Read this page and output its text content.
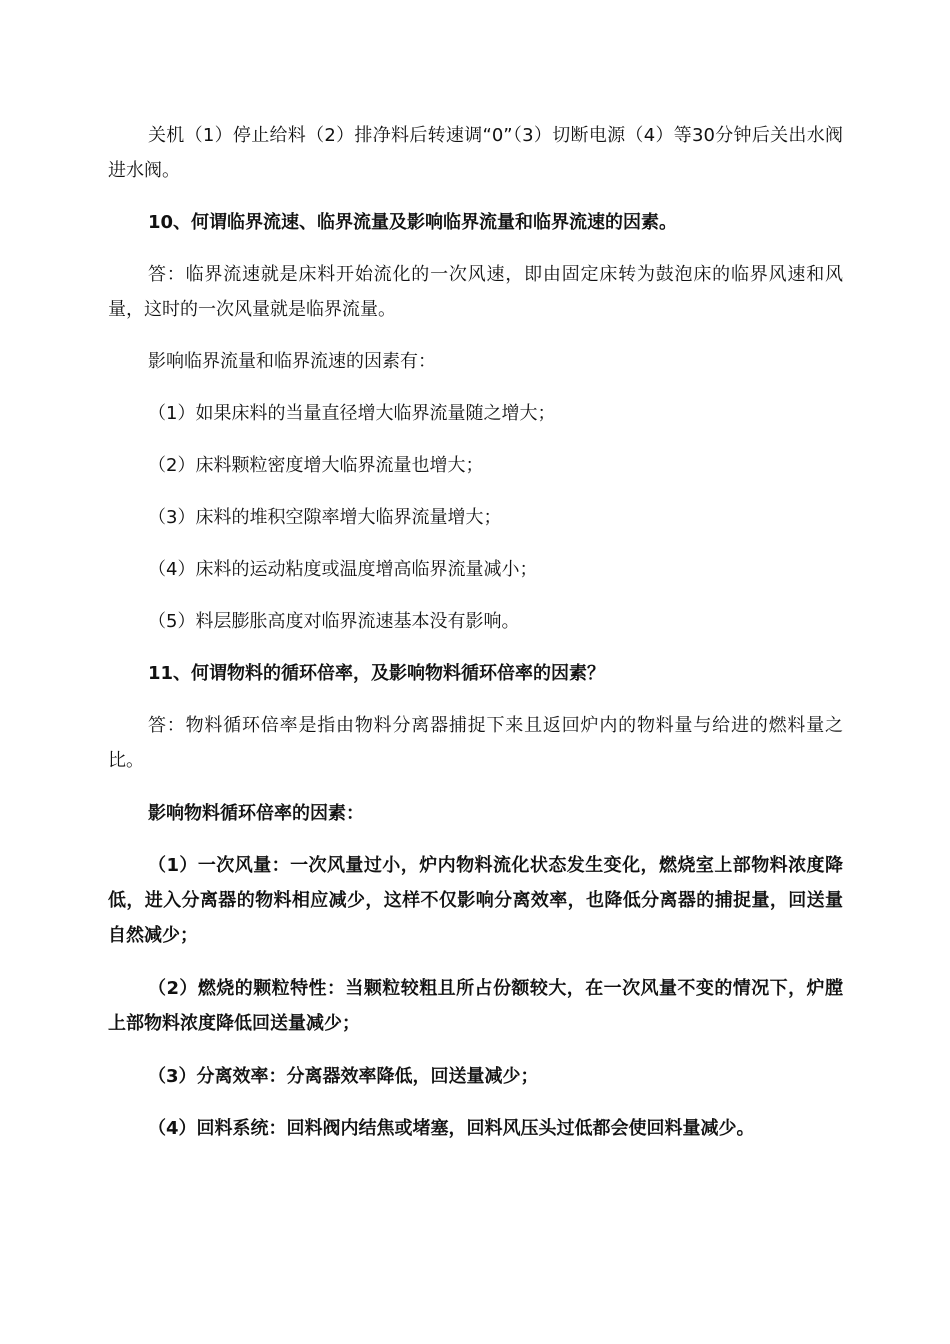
关机（1）停止给料（2）排净料后转速调“0”（3）切断电源（4）等30分钟后关出水阀进水阀。

10、何谓临界流速、临界流量及影响临界流量和临界流速的因素。

答：临界流速就是床料开始流化的一次风速，即由固定床转为鼓泡床的临界风速和风量，这时的一次风量就是临界流量。

影响临界流量和临界流速的因素有：

（1）如果床料的当量直径增大临界流量随之增大；

（2）床料颗粒密度增大临界流量也增大；

（3）床料的堆积空隙率增大临界流量增大；

（4）床料的运动粘度或温度增高临界流量减小；

（5）料层膨胀高度对临界流速基本没有影响。

11、何谓物料的循环倍率，及影响物料循环倍率的因素？

答：物料循环倍率是指由物料分离器捕捉下来且返回炉内的物料量与给进的燃料量之比。

影响物料循环倍率的因素：

（1）一次风量：一次风量过小，炉内物料流化状态发生变化，燃烧室上部物料浓度降低，进入分离器的物料相应减少，这样不仅影响分离效率，也降低分离器的捕捉量，回送量自然减少；

（2）燃烧的颗粒特性：当颗粒较粗且所占份额较大，在一次风量不变的情况下，炉膛上部物料浓度降低回送量减少；

（3）分离效率：分离器效率降低，回送量减少；

（4）回料系统：回料阀内结焦或堵塞，回料风压头过低都会使回料量减少。
